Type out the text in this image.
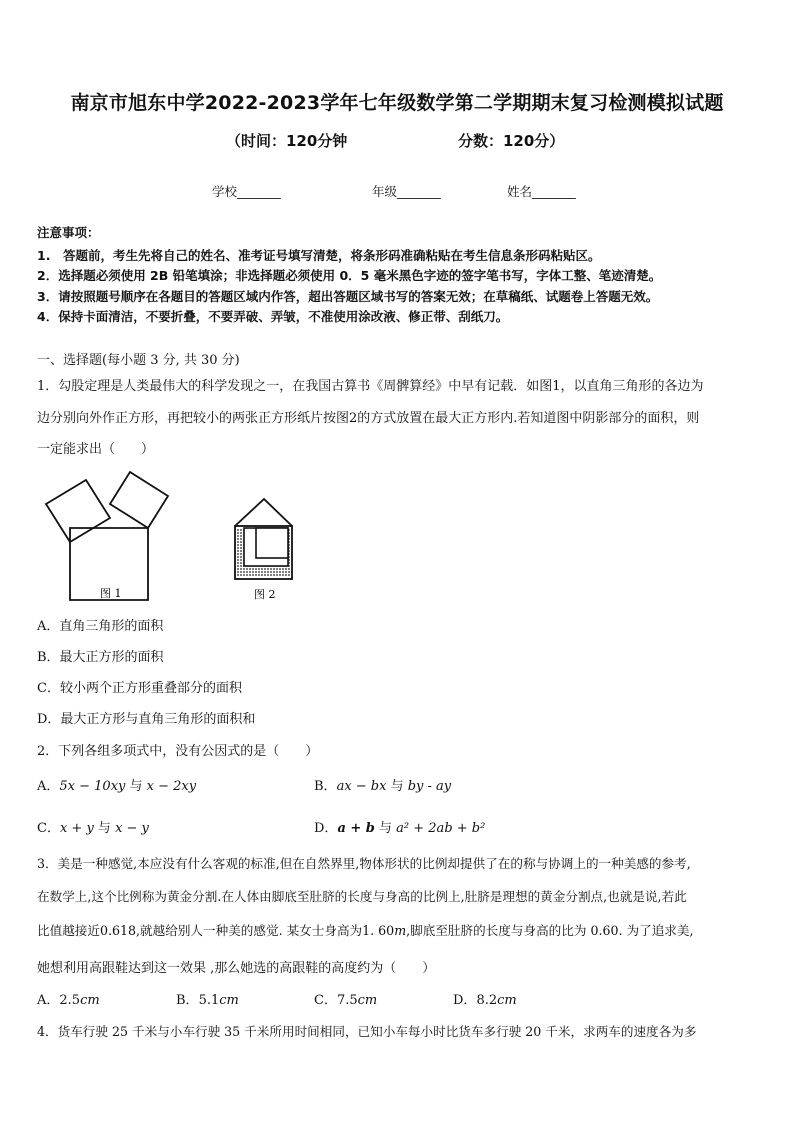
南京市旭东中学2022-2023学年七年级数学第二学期期末复习检测模拟试题
（时间：120分钟	分数：120分）
学校_______	年级_______	姓名_______
注意事项：
1.　答题前，考生先将自己的姓名、准考证号填写清楚，将条形码准确粘贴在考生信息条形码粘贴区。
2．选择题必须使用 2B 铅笔填涂；非选择题必须使用 0．5 毫米黑色字迹的签字笔书写，字体工整、笔迹清楚。
3．请按照题号顺序在各题目的答题区域内作答，超出答题区域书写的答案无效；在草稿纸、试题卷上答题无效。
4．保持卡面清洁，不要折叠，不要弄破、弄皱，不准使用涂改液、修正带、刮纸刀。
一、选择题(每小题 3 分, 共 30 分)
1．勾股定理是人类最伟大的科学发现之一，在我国古算书《周髀算经》中早有记载．如图1，以直角三角形的各边为
边分别向外作正方形，再把较小的两张正方形纸片按图2的方式放置在最大正方形内.若知道图中阴影部分的面积，则
一定能求出（　　）
图 1	图 2
A．直角三角形的面积
B．最大正方形的面积
C．较小两个正方形重叠部分的面积
D．最大正方形与直角三角形的面积和
2．下列各组多项式中，没有公因式的是（　　）
A．5x − 10xy 与 x − 2xy	B．ax − bx 与 by - ay
C．x + y 与 x − y	D．a + b 与 a² + 2ab + b²
3．美是一种感觉,本应没有什么客观的标准,但在自然界里,物体形状的比例却提供了在的称与协调上的一种美感的参考,
在数学上,这个比例称为黄金分割.在人体由脚底至肚脐的长度与身高的比例上,肚脐是理想的黄金分割点,也就是说,若此
比值越接近0.618,就越给别人一种美的感觉. 某女士身高为1. 60m,脚底至肚脐的长度与身高的比为 0.60. 为了追求美,
她想利用高跟鞋达到这一效果 ,那么她选的高跟鞋的高度约为（　　）
A．2.5cm	B．5.1cm	C．7.5cm	D．8.2cm
4．货车行驶 25 千米与小车行驶 35 千米所用时间相同，已知小车每小时比货车多行驶 20 千米，求两车的速度各为多
